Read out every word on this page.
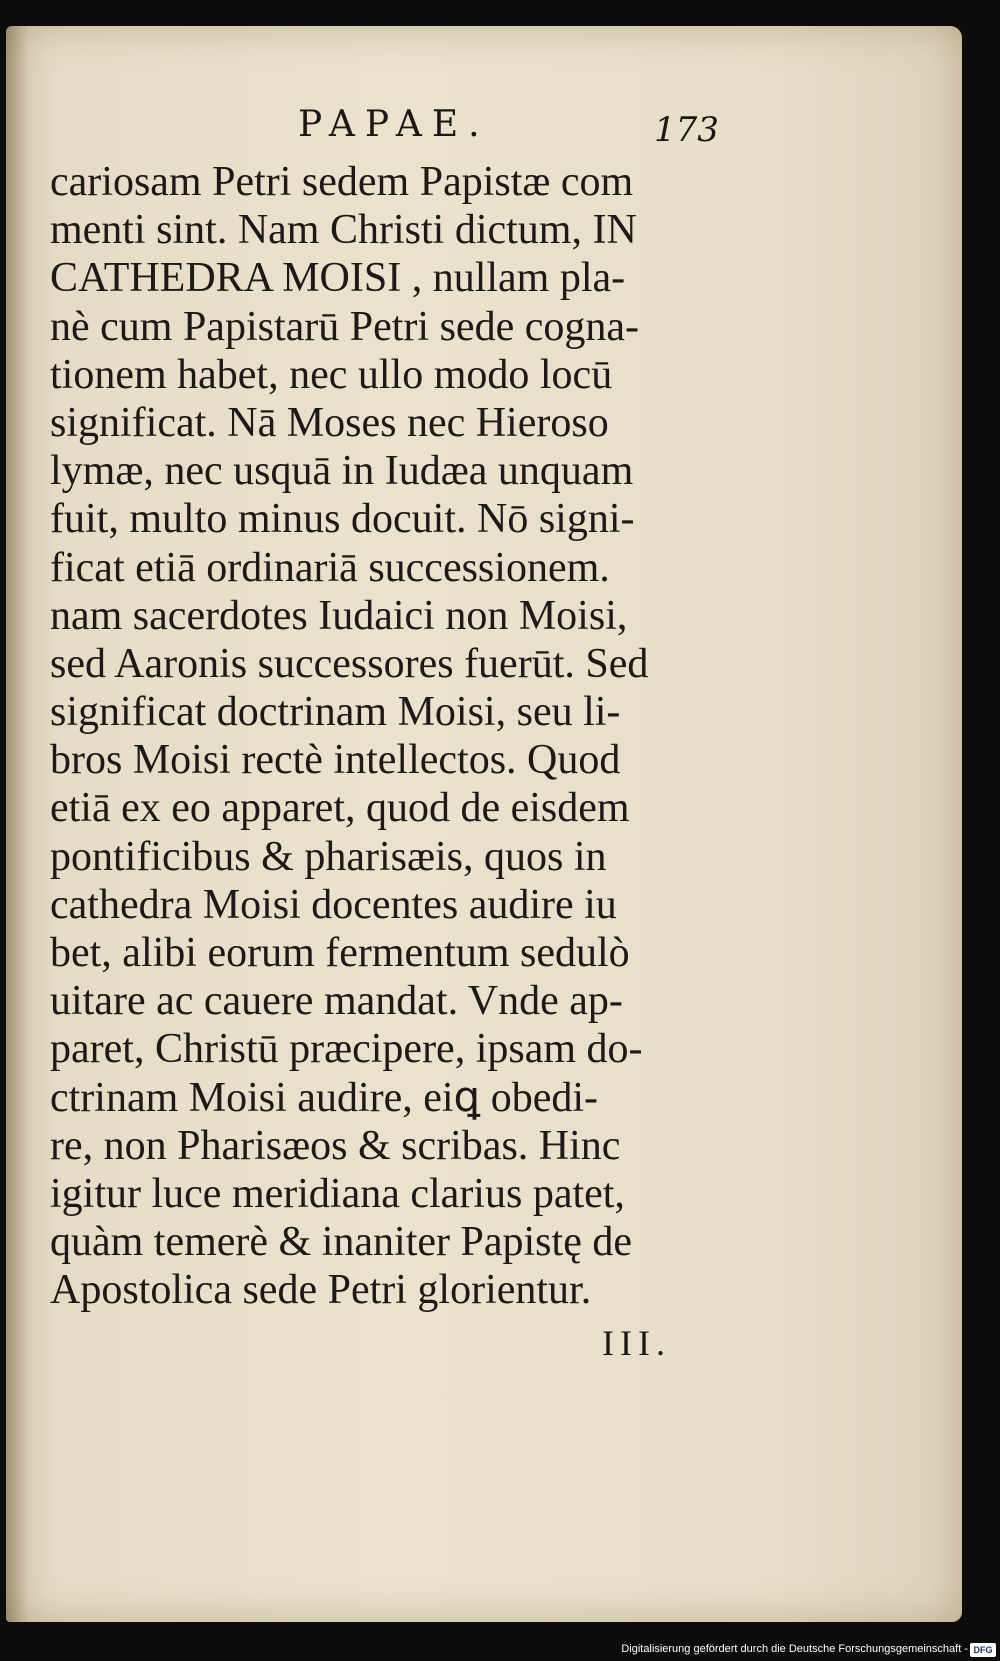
PAPAE.	173
cariosam Petri sedem Papistæ com
menti sint. Nam Christi dictum, IN
CATHEDRA MOISI , nullam pla-
nè cum Papistarū Petri sede cogna-
tionem habet, nec ullo modo locū
significat. Nā Moses nec Hieroso
lymæ, nec usquā in Iudæa unquam
fuit, multo minus docuit. Nō signi-
ficat etiā ordinariā successionem.
nam sacerdotes Iudaici non Moisi,
sed Aaronis successores fuerūt. Sed
significat doctrinam Moisi, seu li-
bros Moisi rectè intellectos. Quod
etiā ex eo apparet, quod de eisdem
pontificibus & pharisæis, quos in
cathedra Moisi docentes audire iu
bet, alibi eorum fermentum sedulò
uitare ac cauere mandat. Vnde ap-
paret, Christū præcipere, ipsam do-
ctrinam Moisi audire, eiꝗ obedi-
re, non Pharisæos & scribas. Hinc
igitur luce meridiana clarius patet,
quàm temerè & inaniter Papistę de
Apostolica sede Petri glorientur.
III.
Digitalisierung gefördert durch die Deutsche Forschungsgemeinschaft - DFG
